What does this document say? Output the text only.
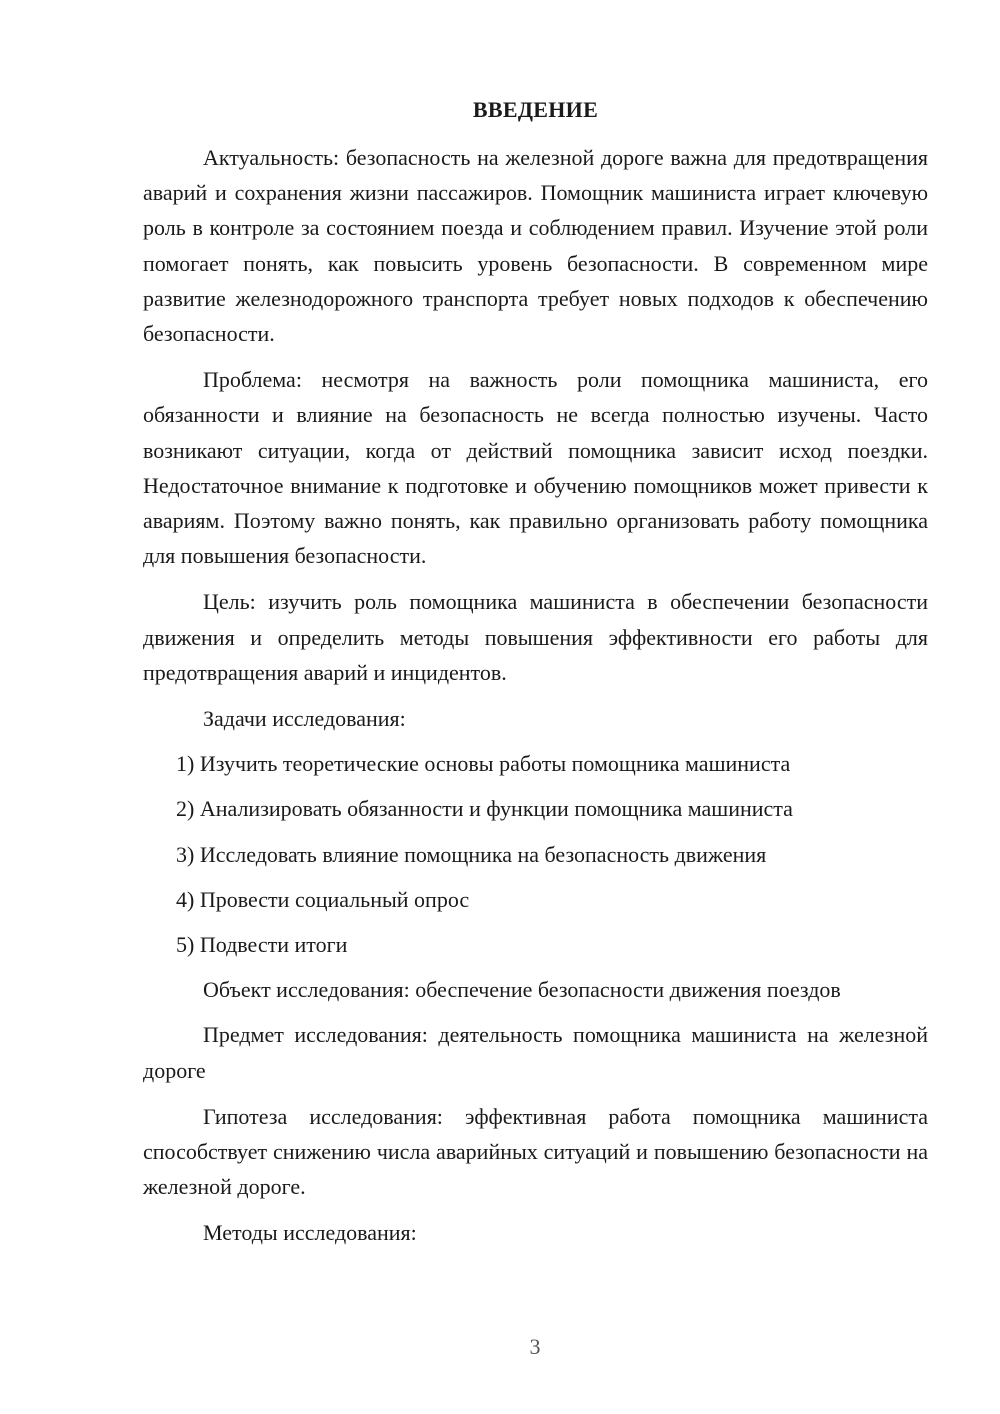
ВВЕДЕНИЕ

Актуальность: безопасность на железной дороге важна для предотвращения аварий и сохранения жизни пассажиров. Помощник машиниста играет ключевую роль в контроле за состоянием поезда и соблюдением правил. Изучение этой роли помогает понять, как повысить уровень безопасности. В современном мире развитие железнодорожного транспорта требует новых подходов к обеспечению безопасности.

Проблема: несмотря на важность роли помощника машиниста, его обязанности и влияние на безопасность не всегда полностью изучены. Часто возникают ситуации, когда от действий помощника зависит исход поездки. Недостаточное внимание к подготовке и обучению помощников может привести к авариям. Поэтому важно понять, как правильно организовать работу помощника для повышения безопасности.

Цель: изучить роль помощника машиниста в обеспечении безопасности движения и определить методы повышения эффективности его работы для предотвращения аварий и инцидентов.

Задачи исследования:

1) Изучить теоретические основы работы помощника машиниста

2) Анализировать обязанности и функции помощника машиниста

3) Исследовать влияние помощника на безопасность движения

4) Провести социальный опрос

5) Подвести итоги

Объект исследования: обеспечение безопасности движения поездов

Предмет исследования: деятельность помощника машиниста на железной дороге

Гипотеза исследования: эффективная работа помощника машиниста способствует снижению числа аварийных ситуаций и повышению безопасности на железной дороге.

Методы исследования:

3
